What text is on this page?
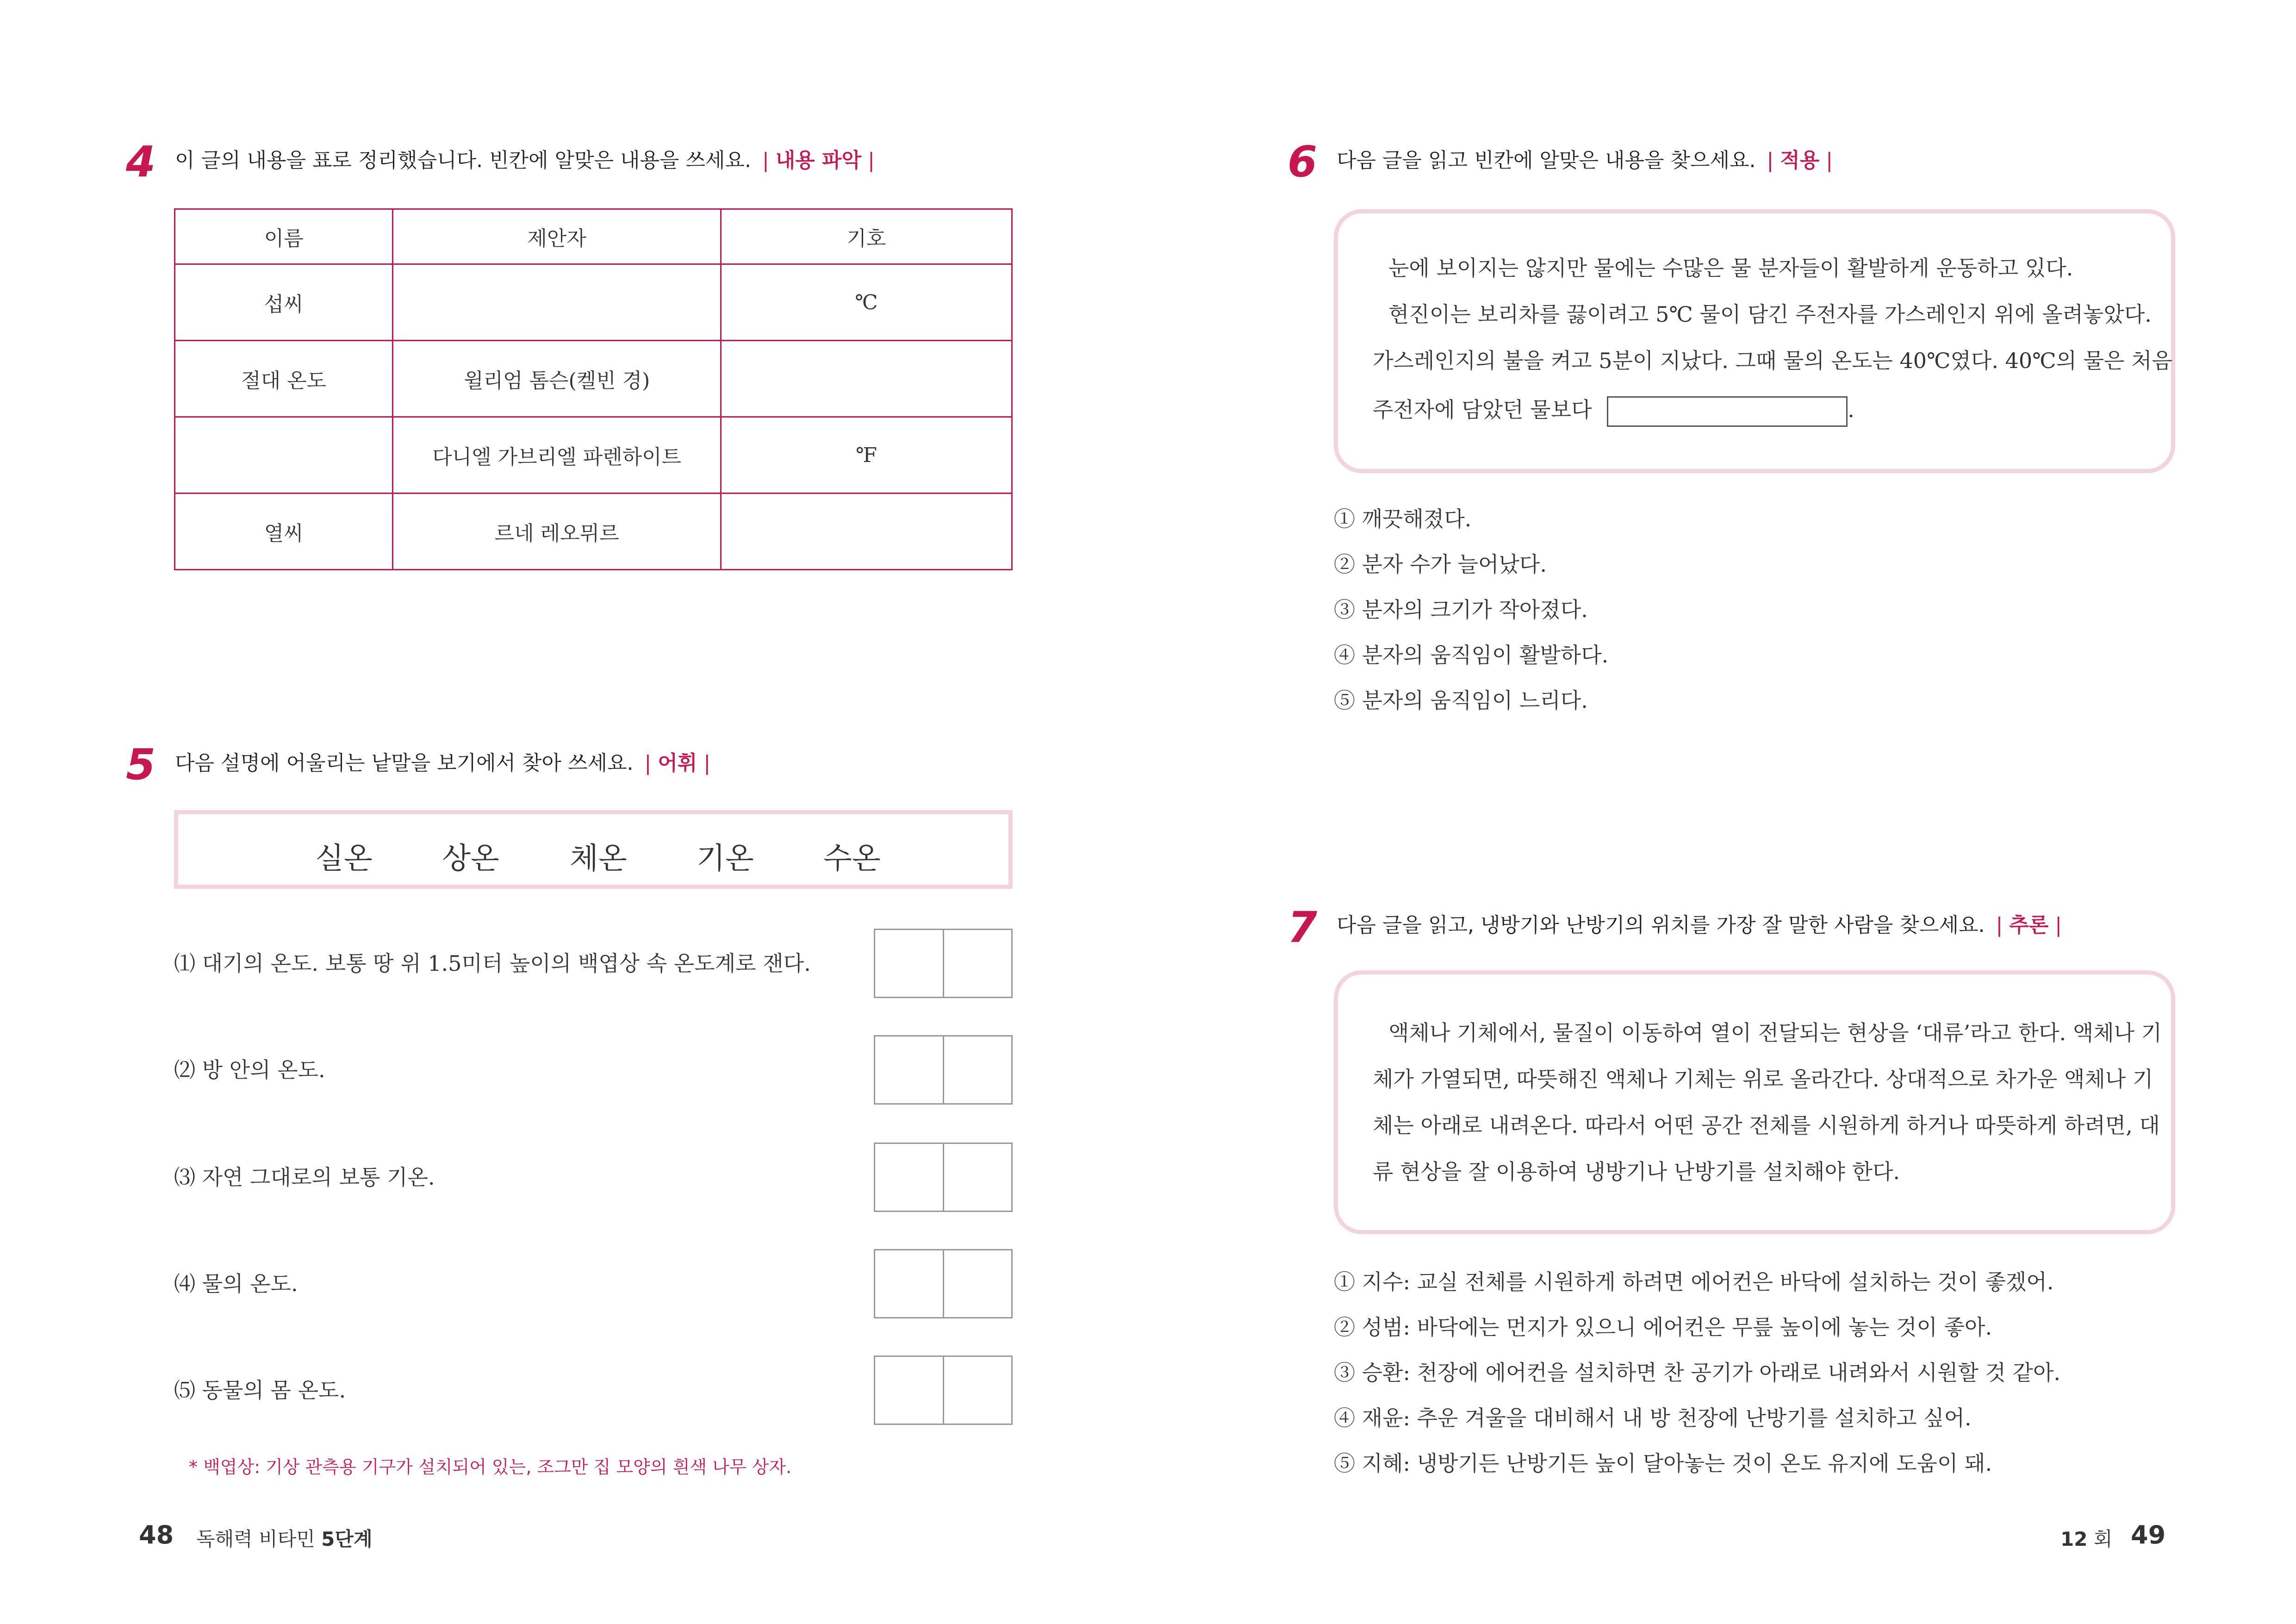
4 이 글의 내용을 표로 정리했습니다. 빈칸에 알맞은 내용을 쓰세요. | 내용 파악 |
이름	제안자	기호
섭씨		℃
절대 온도	윌리엄 톰슨(켈빈 경)	
	다니엘 가브리엘 파렌하이트	℉
열씨	르네 레오뮈르	
5 다음 설명에 어울리는 낱말을 보기에서 찾아 쓰세요. | 어휘 |
실온 상온 체온 기온 수온
⑴ 대기의 온도. 보통 땅 위 1.5미터 높이의 백엽상 속 온도계로 잰다.
⑵ 방 안의 온도.
⑶ 자연 그대로의 보통 기온.
⑷ 물의 온도.
⑸ 동물의 몸 온도.
* 백엽상: 기상 관측용 기구가 설치되어 있는, 조그만 집 모양의 흰색 나무 상자.
48 독해력 비타민 5단계
6 다음 글을 읽고 빈칸에 알맞은 내용을 찾으세요. | 적용 |
눈에 보이지는 않지만 물에는 수많은 물 분자들이 활발하게 운동하고 있다.
현진이는 보리차를 끓이려고 5℃ 물이 담긴 주전자를 가스레인지 위에 올려놓았다.
가스레인지의 불을 켜고 5분이 지났다. 그때 물의 온도는 40℃였다. 40℃의 물은 처음
주전자에 담았던 물보다	.
① 깨끗해졌다.
② 분자 수가 늘어났다.
③ 분자의 크기가 작아졌다.
④ 분자의 움직임이 활발하다.
⑤ 분자의 움직임이 느리다.
7 다음 글을 읽고, 냉방기와 난방기의 위치를 가장 잘 말한 사람을 찾으세요. | 추론 |
액체나 기체에서, 물질이 이동하여 열이 전달되는 현상을 ‘대류’라고 한다. 액체나 기
체가 가열되면, 따뜻해진 액체나 기체는 위로 올라간다. 상대적으로 차가운 액체나 기
체는 아래로 내려온다. 따라서 어떤 공간 전체를 시원하게 하거나 따뜻하게 하려면, 대
류 현상을 잘 이용하여 냉방기나 난방기를 설치해야 한다.
① 지수: 교실 전체를 시원하게 하려면 에어컨은 바닥에 설치하는 것이 좋겠어.
② 성범: 바닥에는 먼지가 있으니 에어컨은 무릎 높이에 놓는 것이 좋아.
③ 승환: 천장에 에어컨을 설치하면 찬 공기가 아래로 내려와서 시원할 것 같아.
④ 재윤: 추운 겨울을 대비해서 내 방 천장에 난방기를 설치하고 싶어.
⑤ 지혜: 냉방기든 난방기든 높이 달아놓는 것이 온도 유지에 도움이 돼.
12 회 49
